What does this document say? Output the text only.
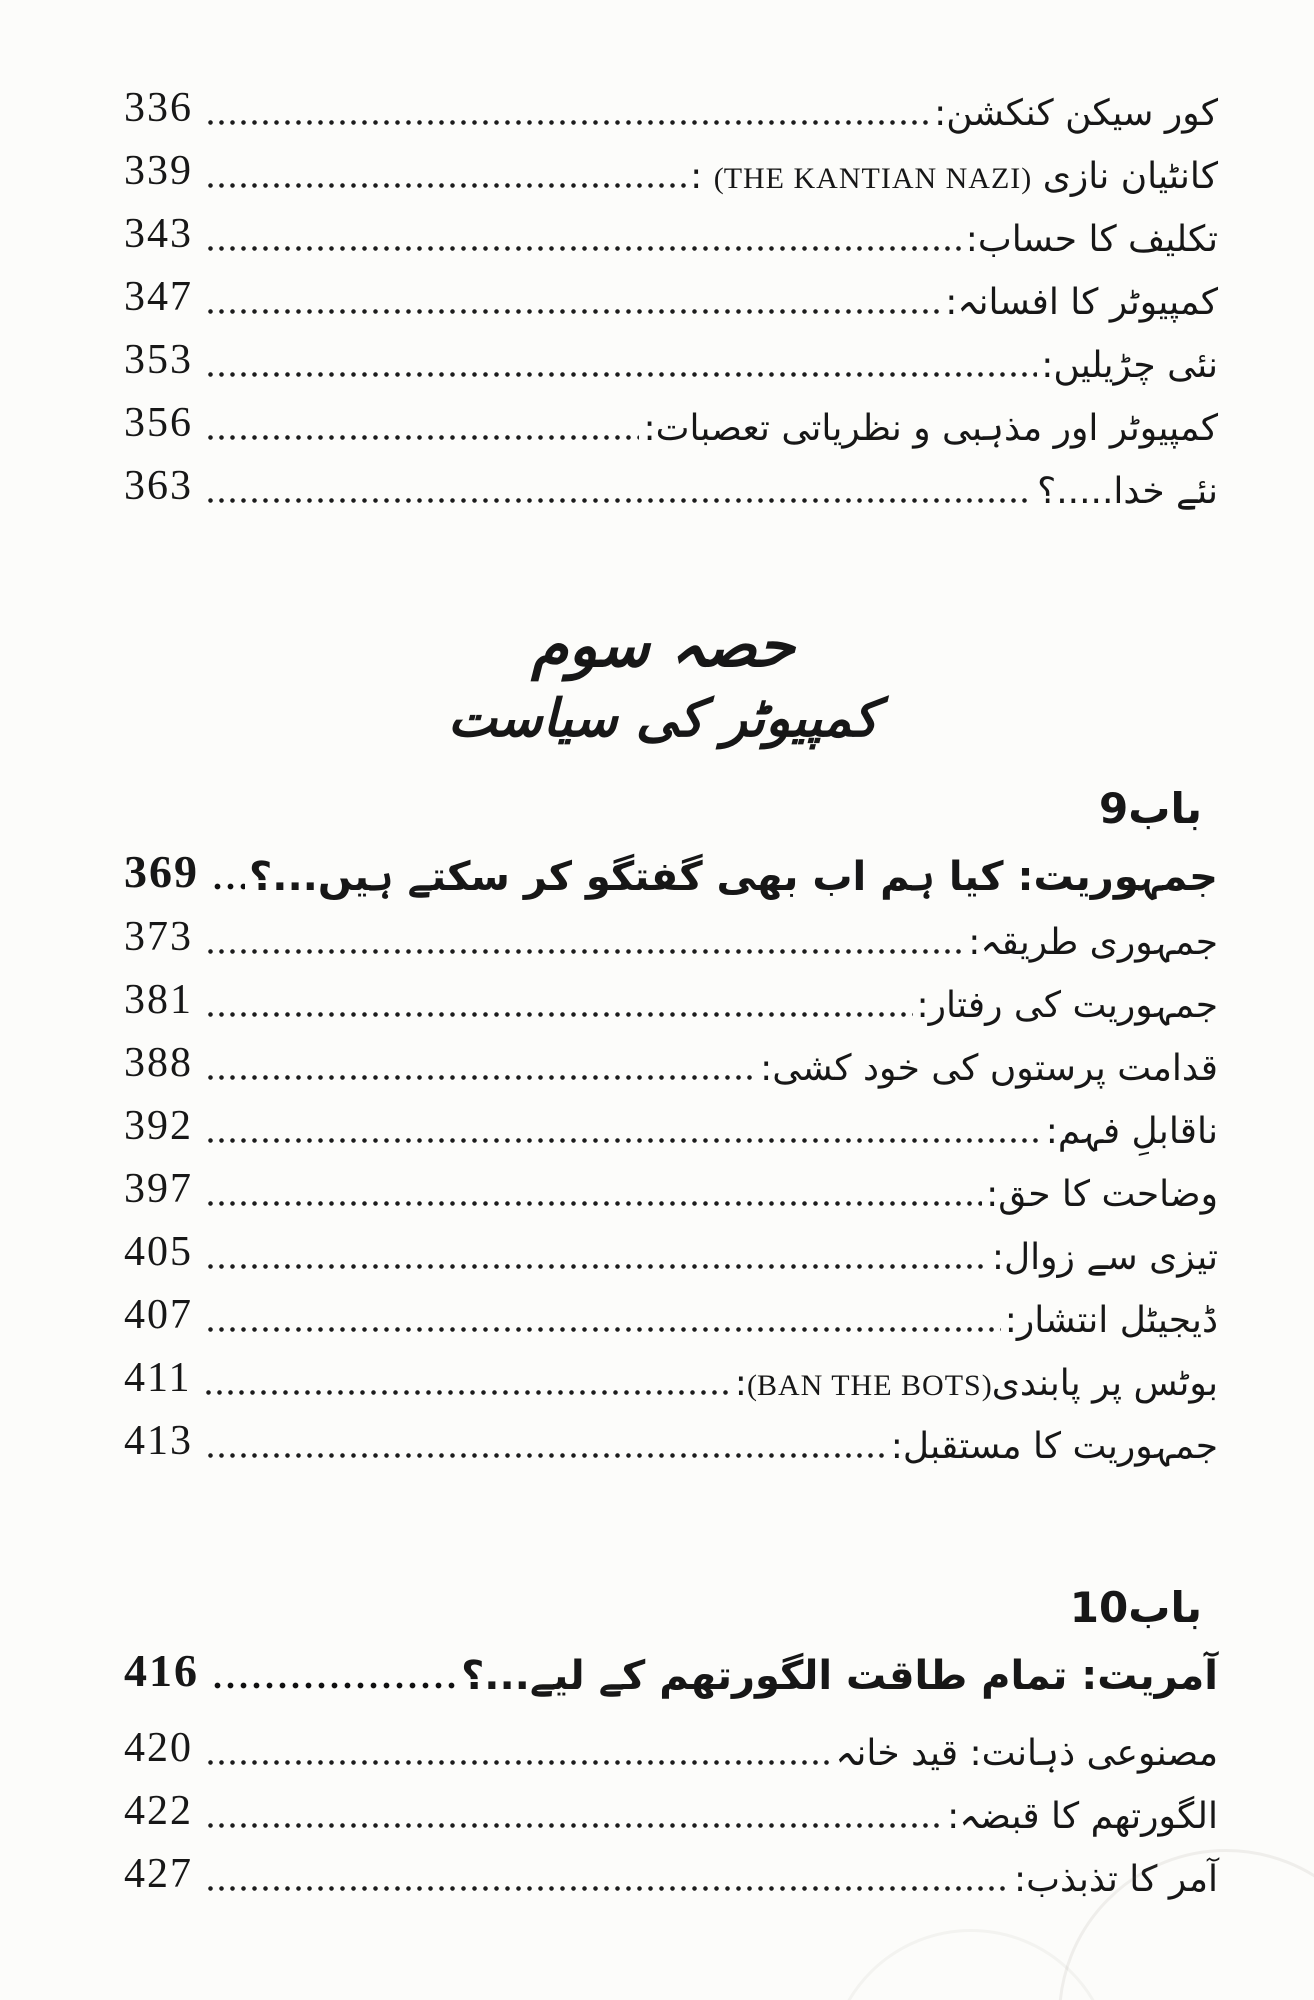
336	کور سیکن کنکشن:
339	کانٹیان نازی (THE KANTIAN NAZI) :
343	تکلیف کا حساب:
347	کمپیوٹر کا افسانہ:
353	نئی چڑیلیں:
356	کمپیوٹر اور مذہبی و نظریاتی تعصبات:
363	نئے خدا.....؟
حصہ سوم
کمپیوٹر کی سیاست
باب9
369 جمہوریت: کیا ہم اب بھی گفتگو کر سکتے ہیں...؟
373	جمہوری طریقہ:
381	جمہوریت کی رفتار:
388	قدامت پرستوں کی خود کشی:
392	ناقابلِ فہم:
397	وضاحت کا حق:
405	تیزی سے زوال:
407	ڈیجیٹل انتشار:
411	بوٹس پر پابندی(BAN THE BOTS):
413	جمہوریت کا مستقبل:
باب10
416	آمریت: تمام طاقت الگورتھم کے لیے...؟
420	مصنوعی ذہانت: قید خانہ
422	الگورتھم کا قبضہ:
427	آمر کا تذبذب:
